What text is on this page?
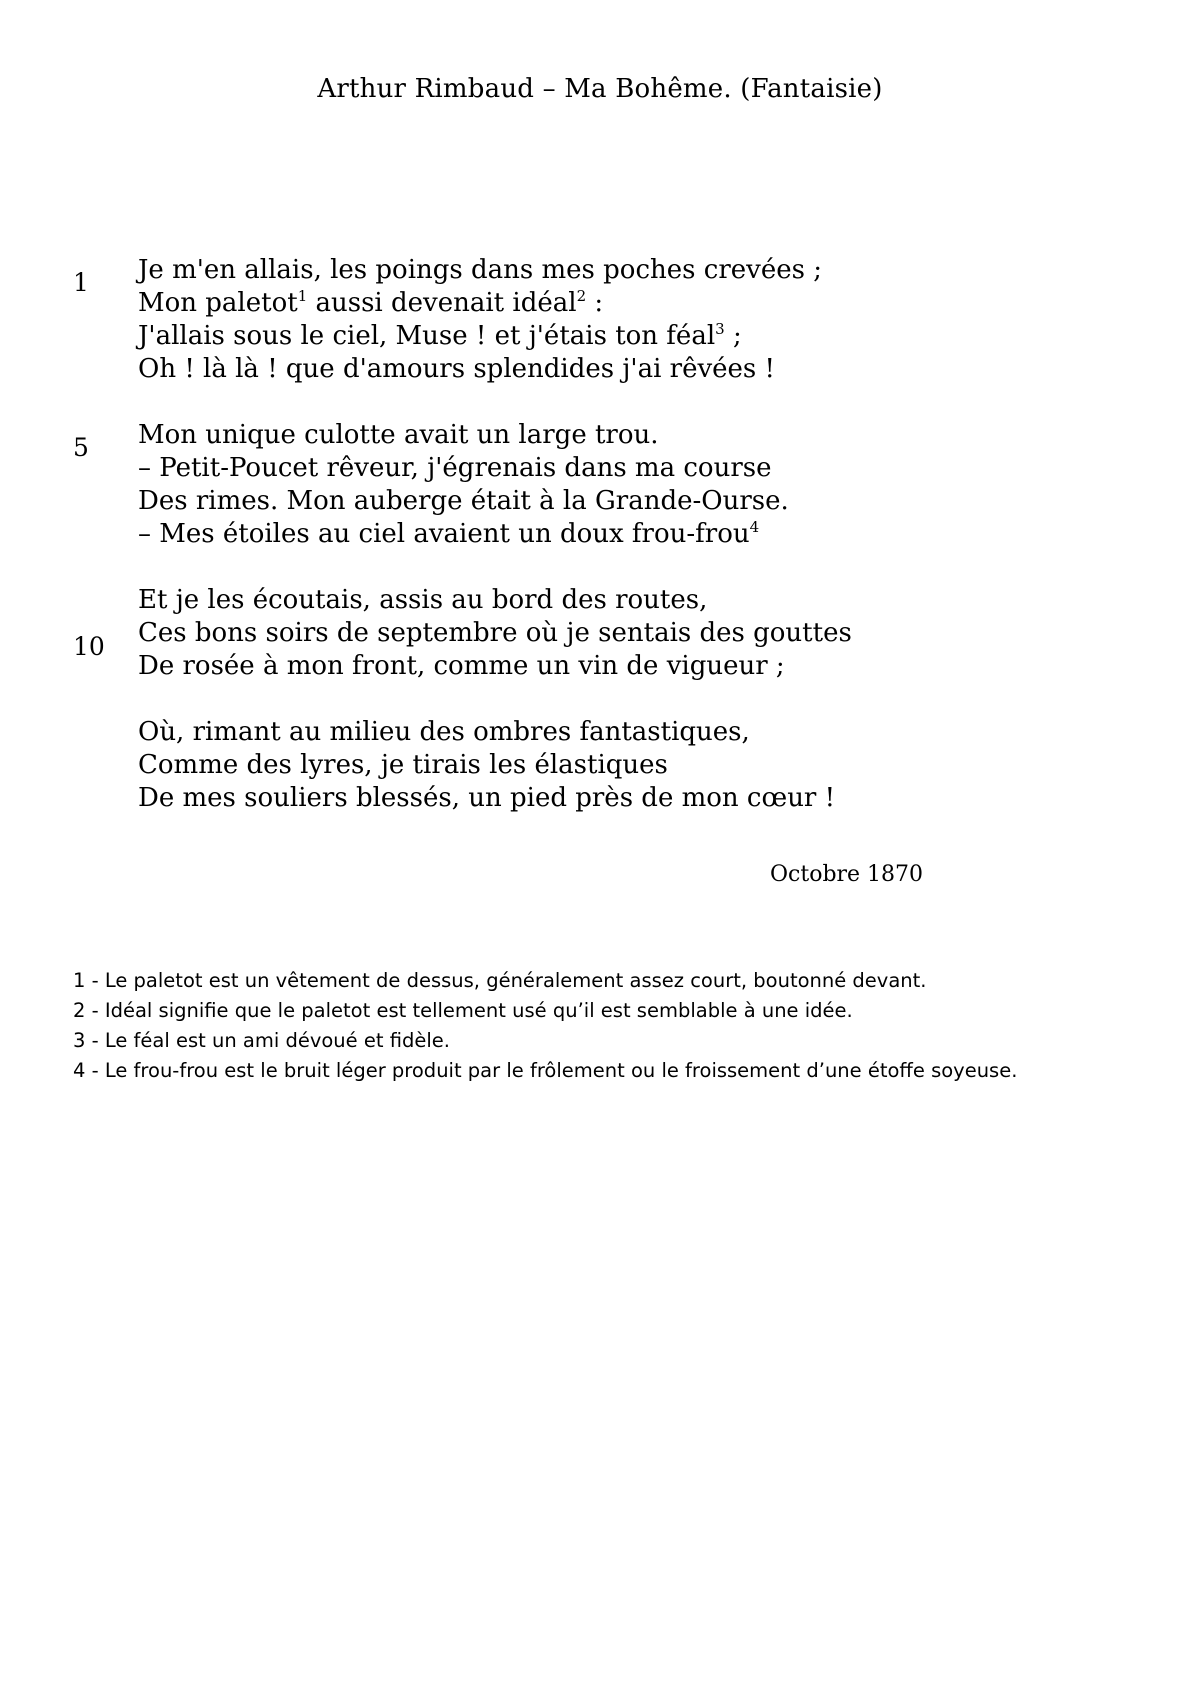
Arthur Rimbaud – Ma Bohême. (Fantaisie)
1
5
10
Je m'en allais, les poings dans mes poches crevées ;
Mon paletot$^1$ aussi devenait idéal$^2$ :
J'allais sous le ciel, Muse ! et j'étais ton féal$^3$ ;
Oh ! là là ! que d'amours splendides j'ai rêvées !
Mon unique culotte avait un large trou.
– Petit-Poucet rêveur, j'égrenais dans ma course
Des rimes. Mon auberge était à la Grande-Ourse.
– Mes étoiles au ciel avaient un doux frou-frou$^4$
Et je les écoutais, assis au bord des routes,
Ces bons soirs de septembre où je sentais des gouttes
De rosée à mon front, comme un vin de vigueur ;
Où, rimant au milieu des ombres fantastiques,
Comme des lyres, je tirais les élastiques
De mes souliers blessés, un pied près de mon cœur !
Octobre 1870

1 - Le paletot est un vêtement de dessus, généralement assez court, boutonné devant.

2 - Idéal signifie que le paletot est tellement usé qu’il est semblable à une idée.

3 - Le féal est un ami dévoué et fidèle.

4 - Le frou-frou est le bruit léger produit par le frôlement ou le froissement d’une étoffe soyeuse.
